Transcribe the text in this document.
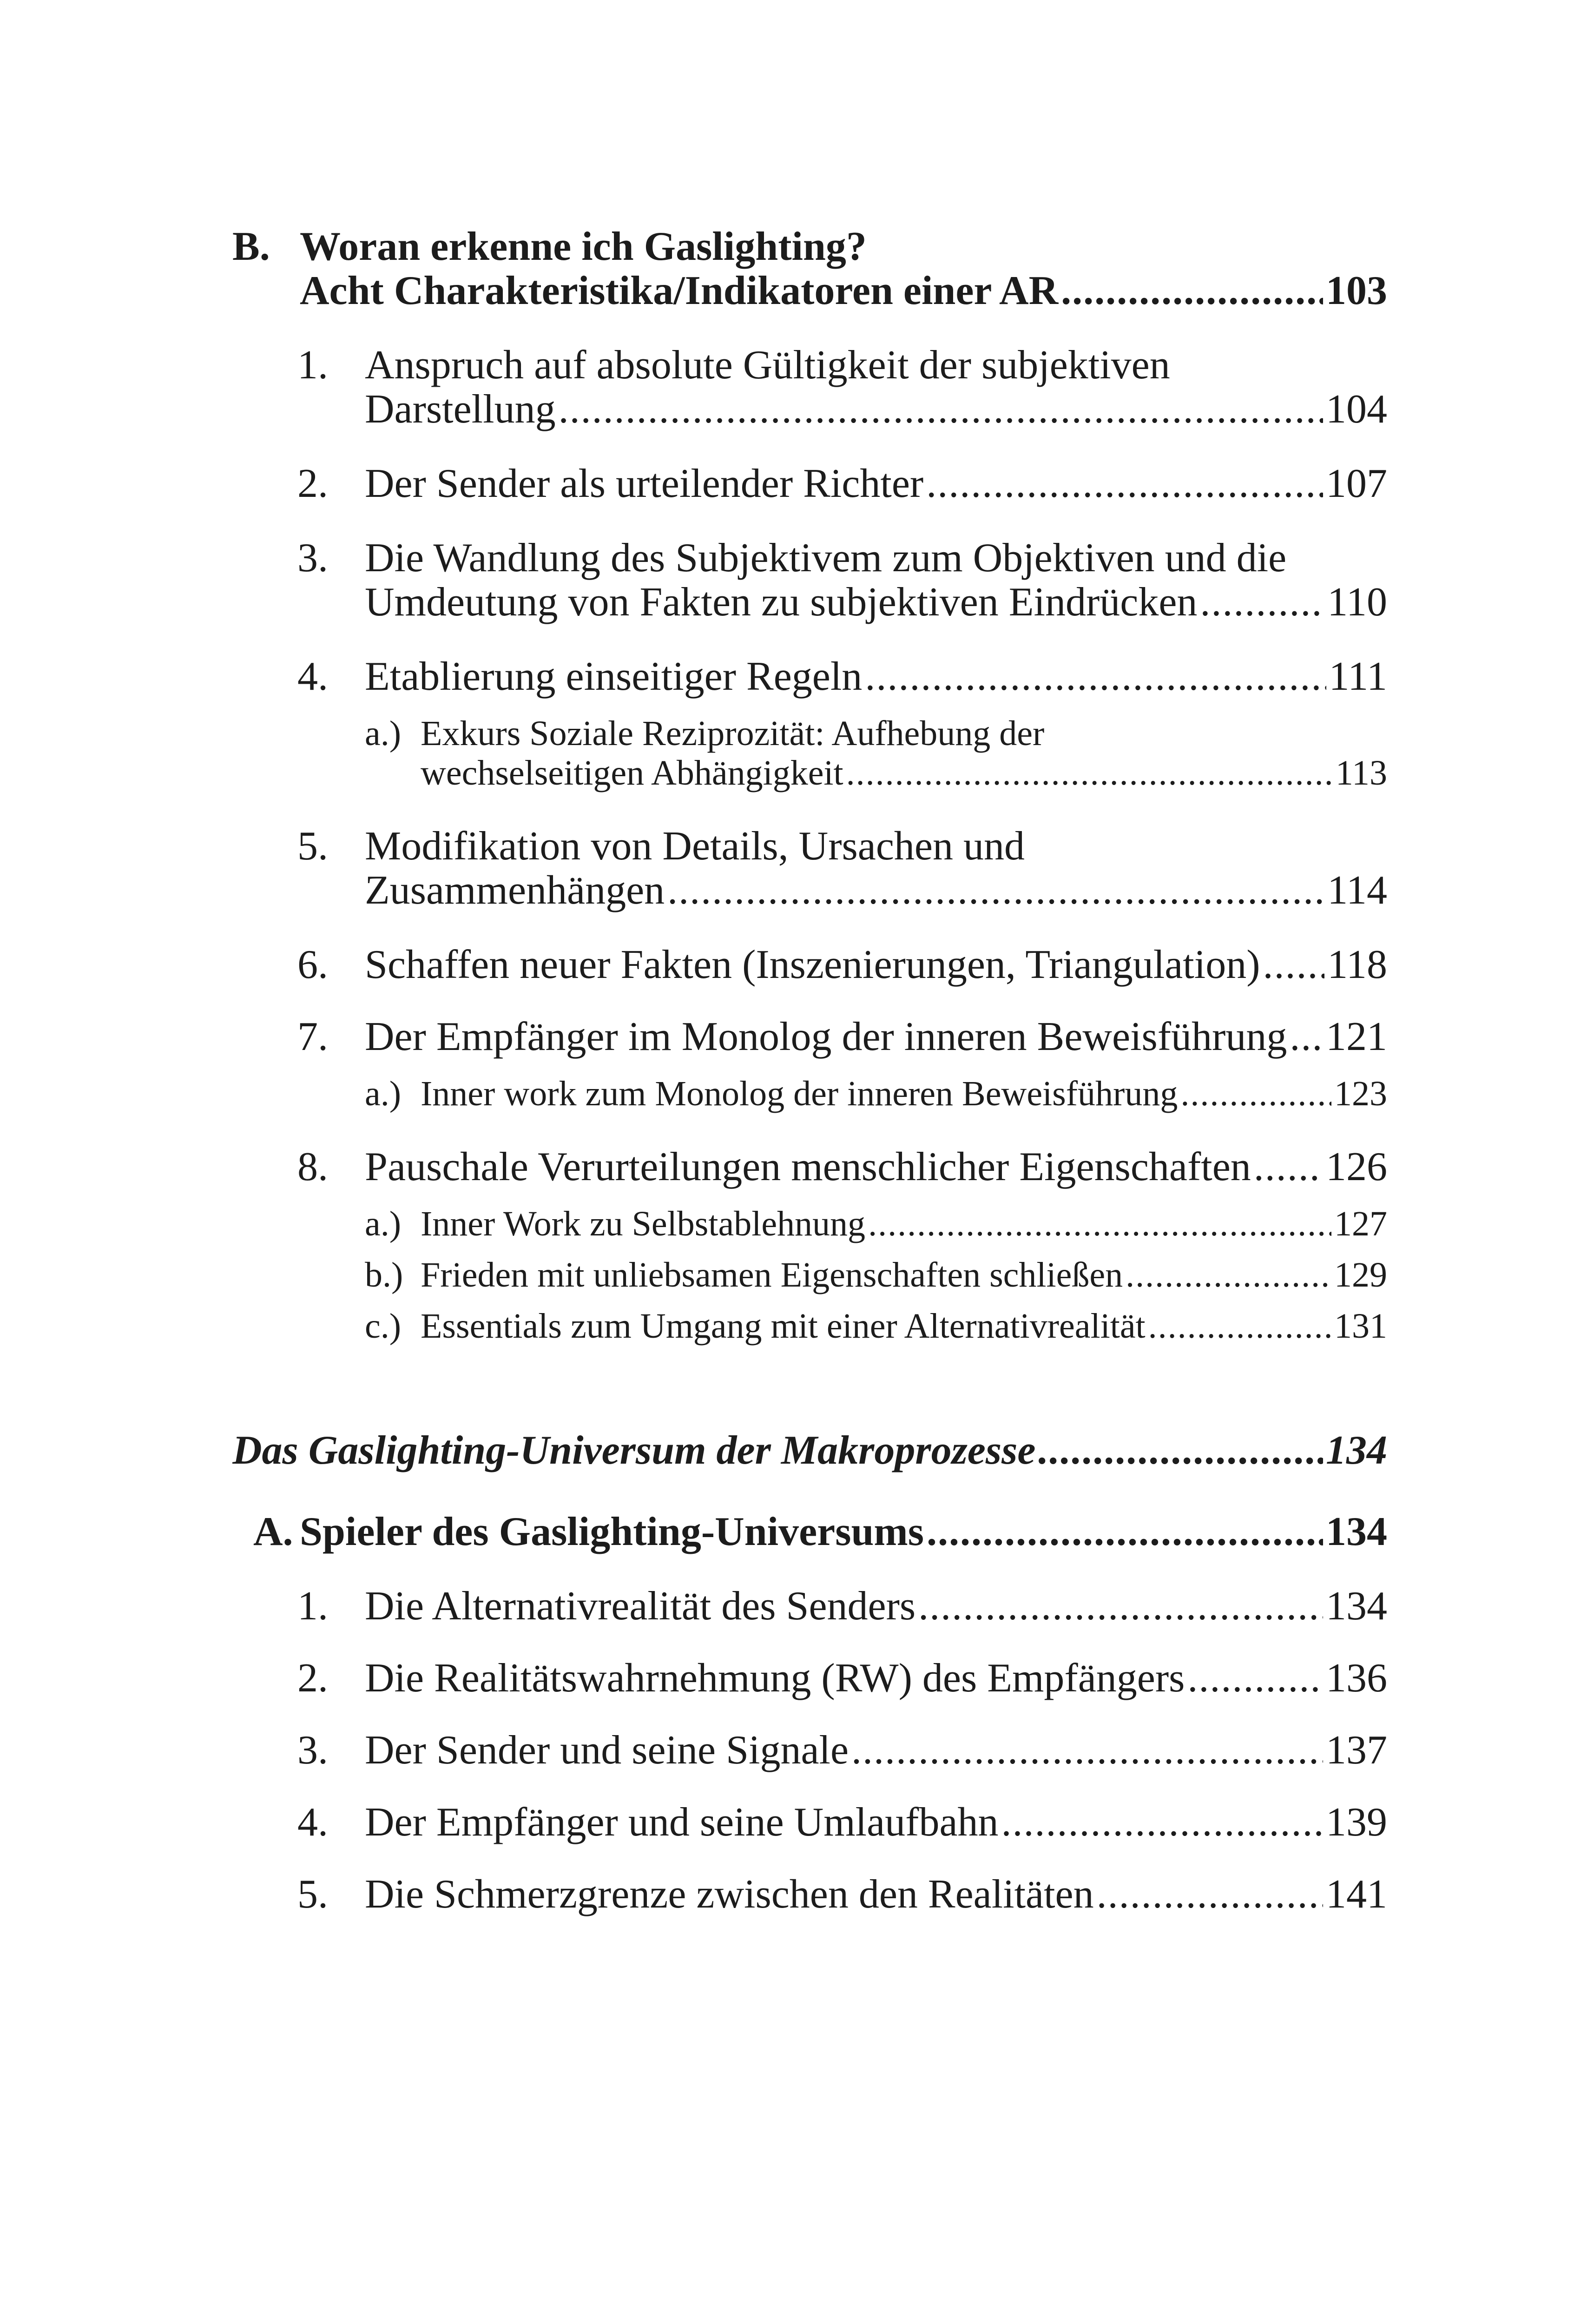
B. Woran erkenne ich Gaslighting?
Acht Charakteristika/Indikatoren einer AR .....	103
1. Anspruch auf absolute Gültigkeit der subjektiven
Darstellung .....	104
2. Der Sender als urteilender Richter .....	107
3. Die Wandlung des Subjektivem zum Objektiven und die
Umdeutung von Fakten zu subjektiven Eindrücken .....	110
4. Etablierung einseitiger Regeln .....	111
a.) Exkurs Soziale Reziprozität: Aufhebung der
wechselseitigen Abhängigkeit .....	113
5. Modifikation von Details, Ursachen und
Zusammenhängen .....	114
6. Schaffen neuer Fakten (Inszenierungen, Triangulation) ..... 118
7. Der Empfänger im Monolog der inneren Beweisführung ..... 121
a.) Inner work zum Monolog der inneren Beweisführung .....	123
8. Pauschale Verurteilungen menschlicher Eigenschaften ..... 126
a.) Inner Work zu Selbstablehnung .....	127
b.) Frieden mit unliebsamen Eigenschaften schließen .....	129
c.) Essentials zum Umgang mit einer Alternativrealität .....	131
Das Gaslighting-Universum der Makroprozesse .....	134
A. Spieler des Gaslighting-Universums .....	134
1. Die Alternativrealität des Senders .....	134
2. Die Realitätswahrnehmung (RW) des Empfängers .....	136
3. Der Sender und seine Signale .....	137
4. Der Empfänger und seine Umlaufbahn .....	139
5. Die Schmerzgrenze zwischen den Realitäten .....	141
